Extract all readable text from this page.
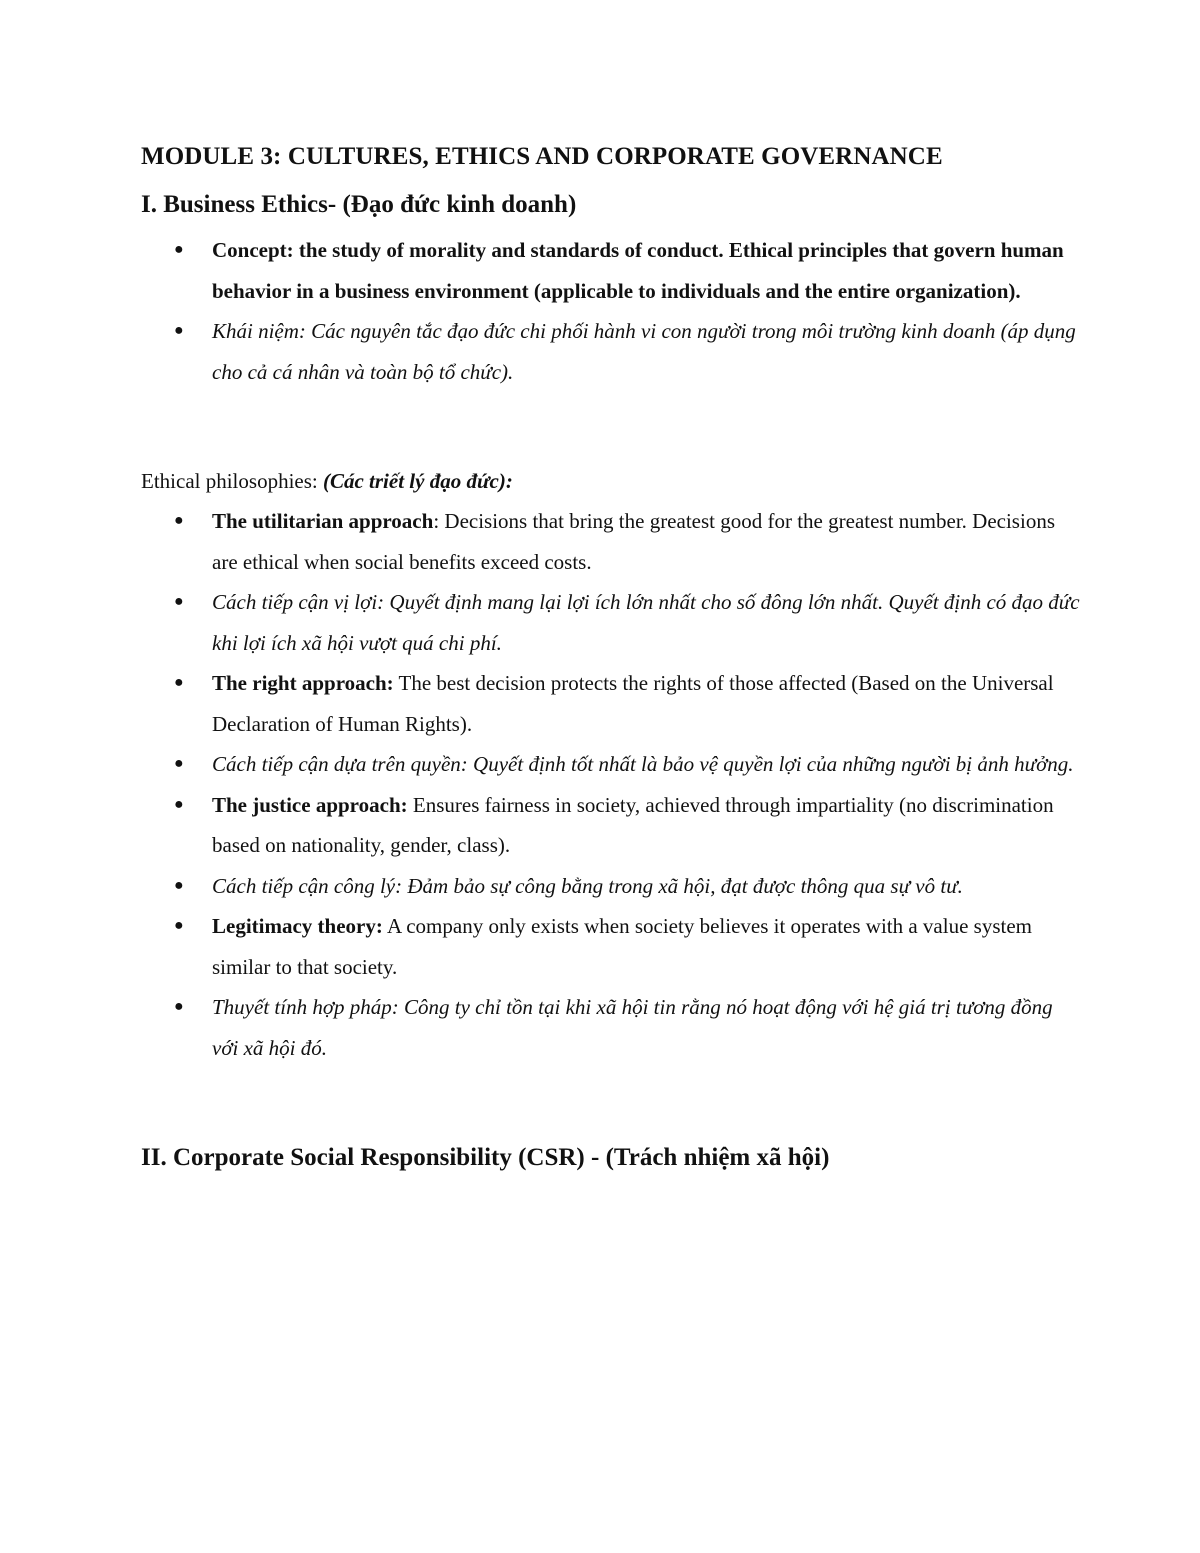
MODULE 3: CULTURES, ETHICS AND CORPORATE GOVERNANCE
I. Business Ethics- (Đạo đức kinh doanh)
● Concept: the study of morality and standards of conduct. Ethical principles that govern human behavior in a business environment (applicable to individuals and the entire organization).
● Khái niệm: Các nguyên tắc đạo đức chi phối hành vi con người trong môi trường kinh doanh (áp dụng cho cả cá nhân và toàn bộ tổ chức).
Ethical philosophies: (Các triết lý đạo đức):
● The utilitarian approach: Decisions that bring the greatest good for the greatest number. Decisions are ethical when social benefits exceed costs.
● Cách tiếp cận vị lợi: Quyết định mang lại lợi ích lớn nhất cho số đông lớn nhất. Quyết định có đạo đức khi lợi ích xã hội vượt quá chi phí.
● The right approach: The best decision protects the rights of those affected (Based on the Universal Declaration of Human Rights).
● Cách tiếp cận dựa trên quyền: Quyết định tốt nhất là bảo vệ quyền lợi của những người bị ảnh hưởng.
● The justice approach: Ensures fairness in society, achieved through impartiality (no discrimination based on nationality, gender, class).
● Cách tiếp cận công lý: Đảm bảo sự công bằng trong xã hội, đạt được thông qua sự vô tư.
● Legitimacy theory: A company only exists when society believes it operates with a value system similar to that society.
● Thuyết tính hợp pháp: Công ty chỉ tồn tại khi xã hội tin rằng nó hoạt động với hệ giá trị tương đồng với xã hội đó.
II. Corporate Social Responsibility (CSR) - (Trách nhiệm xã hội)
